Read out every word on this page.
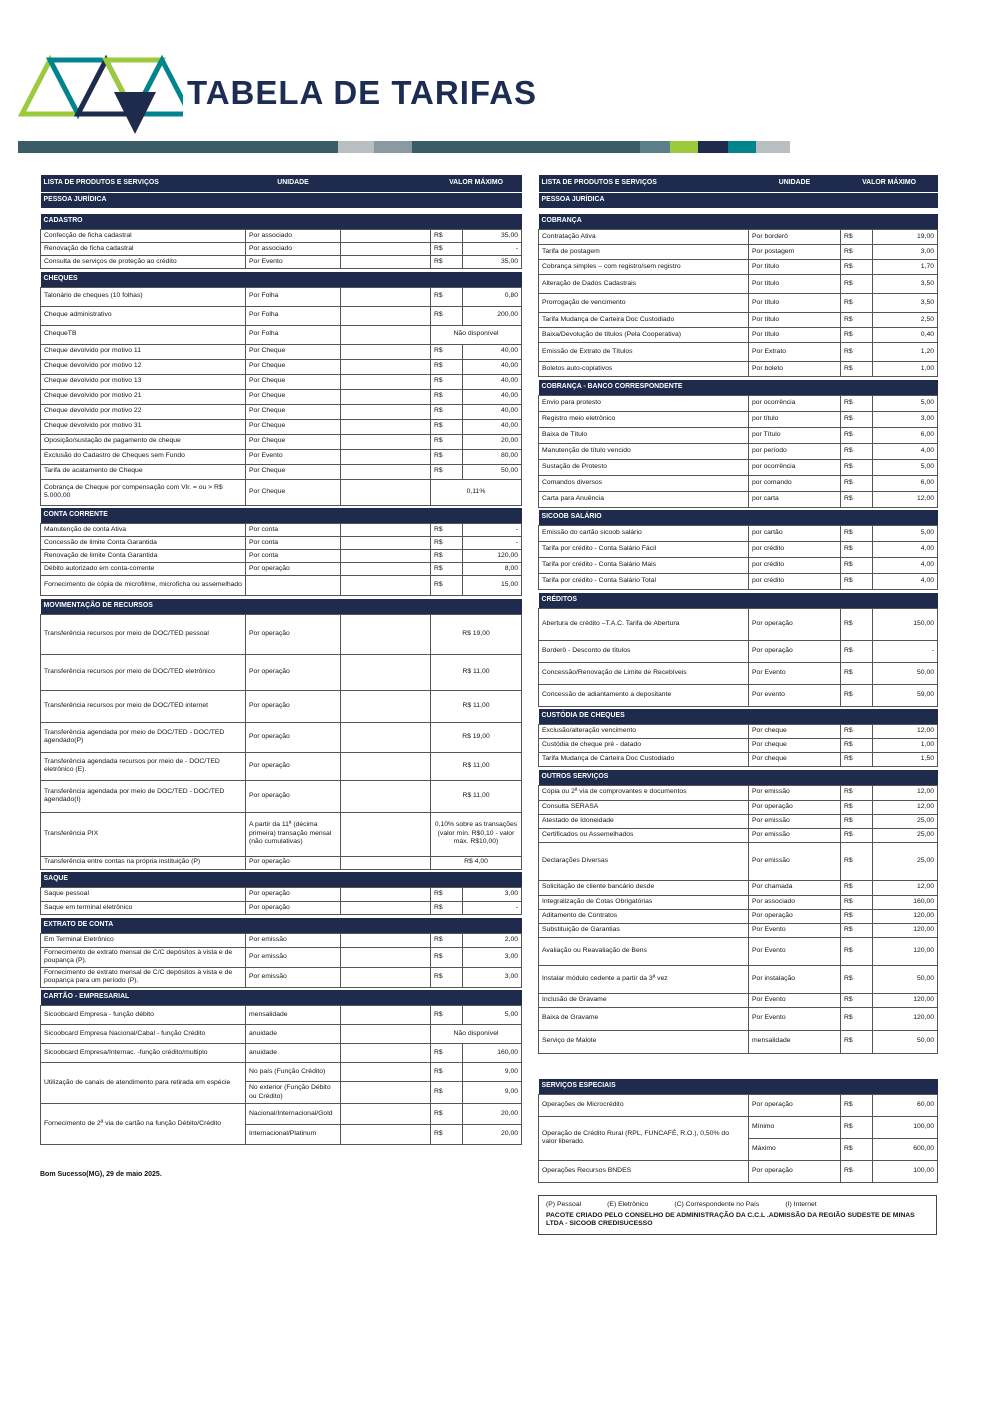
TABELA DE TARIFAS
LISTA DE PRODUTOS E SERVIÇOS	UNIDADE		VALOR MÁXIMO	
PESSOA JURÍDICA				

CADASTRO				
Confecção de ficha cadastral	Por associado		R$	35,00
Renovação de ficha cadastral	Por associado		R$	-
Consulta de serviços de proteção ao crédito	Por Evento		R$	35,00

CHEQUES				
Talonário de cheques (10 folhas)	Por Folha		R$	0,80
Cheque administrativo	Por Folha		R$	200,00
ChequeTB	Por Folha		Não disponível	
Cheque devolvido por motivo 11	Por Cheque		R$	40,00
Cheque devolvido por motivo 12	Por Cheque		R$	40,00
Cheque devolvido por motivo 13	Por Cheque		R$	40,00
Cheque devolvido por motivo 21	Por Cheque		R$	40,00
Cheque devolvido por motivo 22	Por Cheque		R$	40,00
Cheque devolvido por motivo 31	Por Cheque		R$	40,00
Oposição/sustação de pagamento de cheque	Por Cheque		R$	20,00
Exclusão do Cadastro de Cheques sem Fundo	Por Evento		R$	80,00
Tarifa de acatamento de Cheque	Por Cheque		R$	50,00
Cobrança de Cheque por compensação com Vlr. = ou > R$ 5.000,00	Por Cheque		0,11%	

CONTA CORRENTE				
Manutenção de conta Ativa	Por conta		R$	-
Concessão de limite Conta Garantida	Por conta		R$	-
Renovação de limite Conta Garantida	Por conta		R$	120,00
Débito autorizado em conta-corrente	Por operação		R$	8,00
Fornecimento de cópia de microfilme, microficha ou assemelhado			R$	15,00

MOVIMENTAÇÃO DE RECURSOS				
Transferência recursos por meio de DOC/TED pessoal	Por operação		R$ 19,00	
Transferência recursos por meio de DOC/TED eletrônico	Por operação		R$ 11,00	
Transferência recursos por meio de DOC/TED internet	Por operação		R$ 11,00	
Transferência agendada por meio de DOC/TED - DOC/TED agendado(P)	Por operação		R$ 19,00	
Transferência agendada recursos por meio de - DOC/TED eletrônico (E).	Por operação		R$ 11,00	
Transferência agendada por meio de DOC/TED - DOC/TED agendado(I)	Por operação		R$ 11,00	
Transferência PIX	A partir da 11ª (décima primeira) transação mensal (não cumulativas)		0,10% sobre as transações (valor mín. R$0,10 - valor máx. R$10,00)	
Transferência entre contas na própria instituição (P)	Por operação		R$ 4,00	

SAQUE				
Saque pessoal	Por operação		R$	3,00
Saque em terminal eletrônico	Por operação		R$	-

EXTRATO DE CONTA				
Em Terminal Eletrônico	Por emissão		R$	2,00
Fornecimento de extrato mensal de C/C depósitos à vista e de poupança (P).	Por emissão		R$	3,00
Fornecimento de extrato mensal de C/C depósitos à vista e de poupança para um período (P).	Por emissão		R$	3,00

CARTÃO - EMPRESARIAL				
Sicoobcard Empresa - função débito	mensalidade		R$	5,00
Sicoobcard Empresa Nacional/Cabal - função Crédito	anuidade		Não disponível	
Sicoobcard Empresa/Internac. -função crédito/multiplo	anuidade		R$	160,00
Utilização de canais de atendimento para retirada em espécie	No país (Função Crédito)		R$	9,00
	No exterior (Função Débito ou Crédito)		R$	9,00
Fornecimento de 2ª via de cartão na função Débito/Crédito	Nacional/Internacional/Gold		R$	20,00
	Internacional/Platinum		R$	20,00
Bom Sucesso(MG), 29 de maio 2025.
LISTA DE PRODUTOS E SERVIÇOS	UNIDADE	VALOR MÁXIMO	
PESSOA JURÍDICA			

COBRANÇA			
Contratação Ativa	Por borderô	R$	19,00
Tarifa de postagem	Por postagem	R$	3,00
Cobrança simples – com registro/sem registro	Por título	R$	1,70
Alteração de Dados Cadastrais	Por título	R$	3,50
Prorrogação de vencimento	Por título	R$	3,50
Tarifa Mudança de Carteira Doc Custodiado	Por título	R$	2,50
Baixa/Devolução de títulos (Pela Cooperativa)	Por título	R$	0,40
Emissão de Extrato de Títulos	Por Extrato	R$	1,20
Boletos auto-copiativos	Por boleto	R$	1,00

COBRANÇA - BANCO CORRESPONDENTE			
Envio para protesto	por ocorrência	R$	5,00
Registro meio eletrônico	por título	R$	3,00
Baixa de Título	por Título	R$	6,00
Manutenção de título vencido	por período	R$	4,00
Sustação de Protesto	por ocorrência	R$	5,00
Comandos diversos	por comando	R$	6,00
Carta para Anuência	por carta	R$	12,00

SICOOB SALÁRIO			
Emissão do cartão sicoob salário	por cartão	R$	5,00
Tarifa por crédito - Conta Salário Fácil	por crédito	R$	4,00
Tarifa por crédito - Conta Salário Mais	por crédito	R$	4,00
Tarifa por crédito - Conta Salário Total	por crédito	R$	4,00

CRÉDITOS			
Abertura de crédito –T.A.C. Tarifa de Abertura	Por operação	R$	150,00
Borderô - Desconto de títulos	Por operação	R$	-
Concessão/Renovação de Limite de Recebíveis	Por Evento	R$	50,00
Concessão de adiantamento a depositante	Por evento	R$	59,00

CUSTÓDIA DE CHEQUES			
Exclusão/alteração vencimento	Por cheque	R$	12,00
Custódia de cheque pré - datado	Por cheque	R$	1,00
Tarifa Mudança de Carteira Doc Custodiado	Por cheque	R$	1,50

OUTROS SERVIÇOS			
Cópia ou 2ª via de comprovantes e documentos	Por emissão	R$	12,00
Consulta SERASA	Por operação	R$	12,00
Atestado de Idoneidade	Por emissão	R$	25,00
Certificados ou Assemelhados	Por emissão	R$	25,00
Declarações Diversas	Por emissão	R$	25,00
Solicitação de cliente bancário desde	Por chamada	R$	12,00
Integralização de Cotas Obrigatórias	Por associado	R$	160,00
Aditamento de Contratos	Por operação	R$	120,00
Substituição de Garantias	Por Evento	R$	120,00
Avaliação ou Reavaliação de Bens	Por Evento	R$	120,00
Instalar módulo cedente a partir da 3ª vez	Por instalação	R$	50,00
Inclusão de Gravame	Por Evento	R$	120,00
Baixa de Gravame	Por Evento	R$	120,00
Serviço de Malote	mensalidade	R$	50,00
SERVIÇOS ESPECIAIS			
Operações de Microcrédito	Por operação	R$	60,00
Operação de Crédito Rural (RPL, FUNCAFÉ, R.O.), 0,50% do valor liberado.	Mínimo	R$	100,00
	Máximo	R$	600,00
Operações Recursos BNDES	Por operação	R$	100,00
(P) Pessoal	(E) Eletrônico	(C) Correspondente no País	(I) Internet
PACOTE CRIADO PELO CONSELHO DE ADMINISTRAÇÃO DA C.C.L .ADMISSÃO DA REGIÃO SUDESTE DE MINAS LTDA - SICOOB CREDISUCESSO
